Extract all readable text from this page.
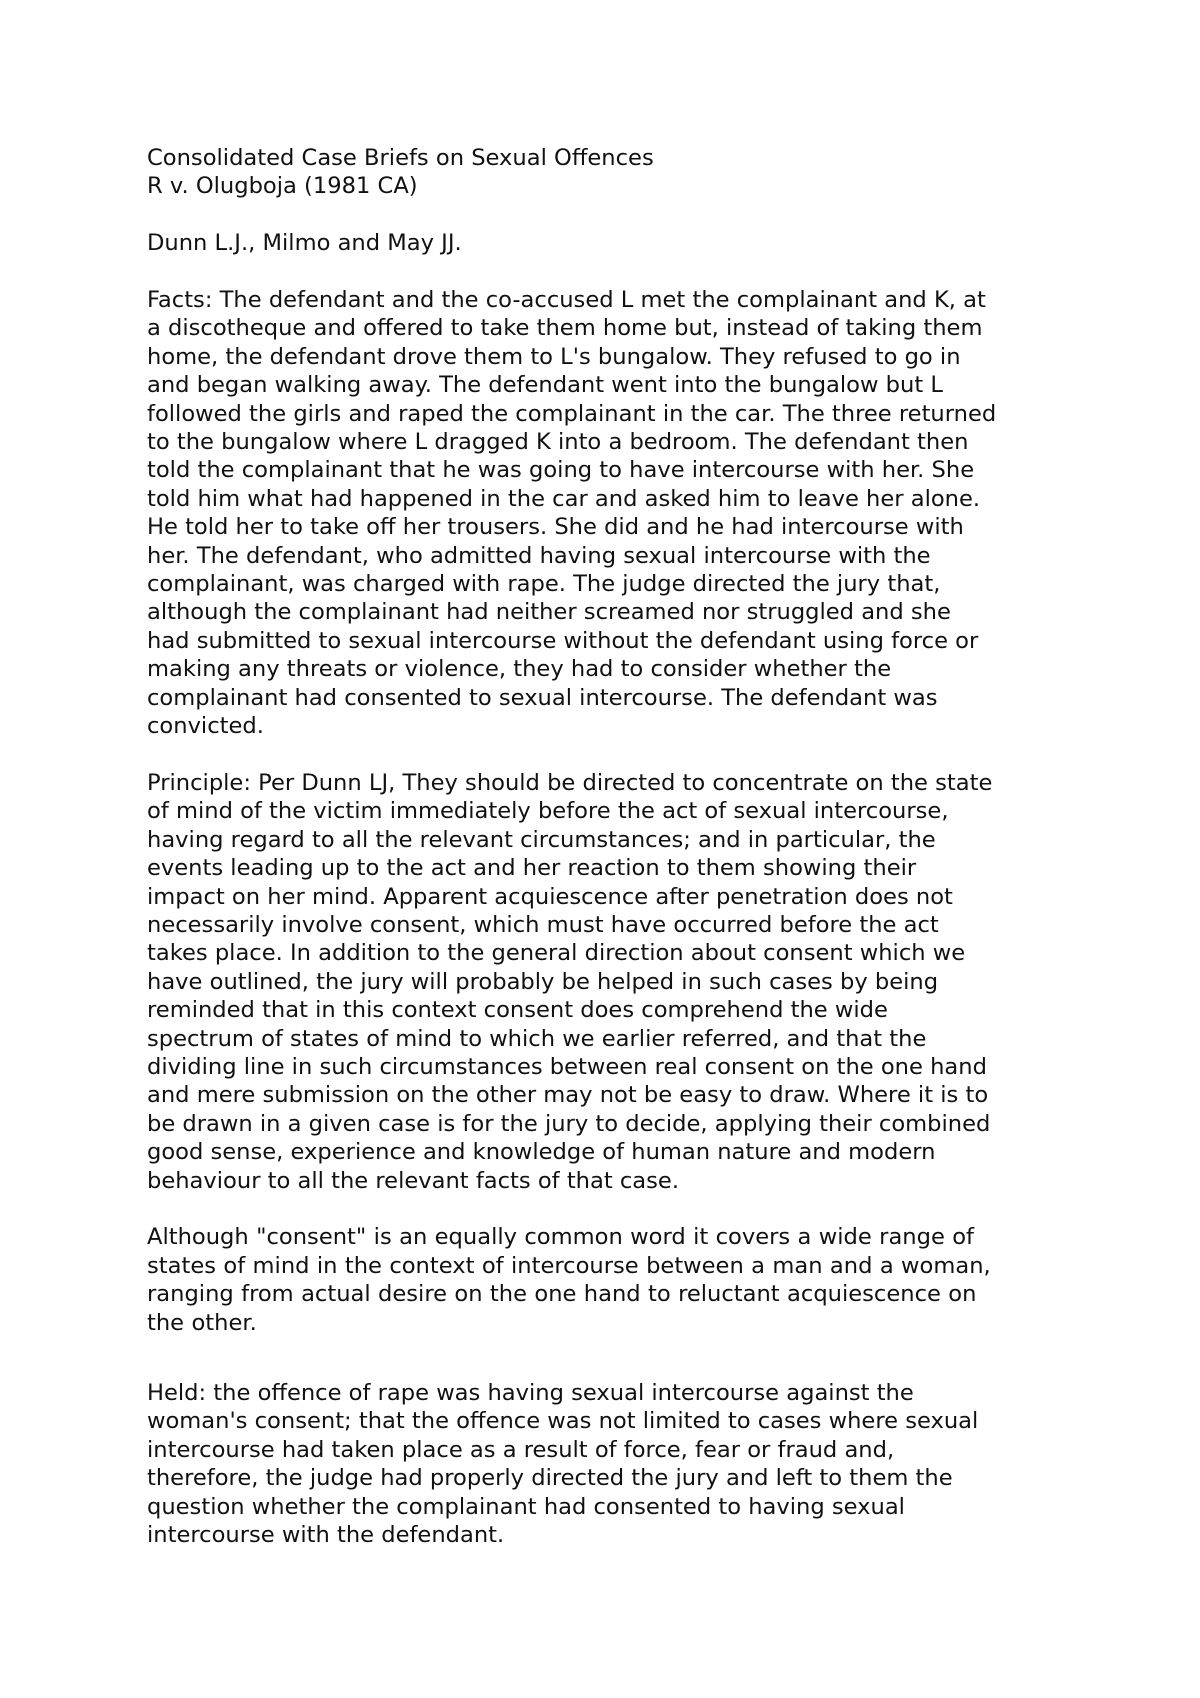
Consolidated Case Briefs on Sexual Offences

R v. Olugboja (1981 CA)

Dunn L.J., Milmo and May JJ.

Facts: The defendant and the co-accused L met the complainant and K, at

a discotheque and offered to take them home but, instead of taking them

home, the defendant drove them to L's bungalow. They refused to go in

and began walking away. The defendant went into the bungalow but L

followed the girls and raped the complainant in the car. The three returned

to the bungalow where L dragged K into a bedroom. The defendant then

told the complainant that he was going to have intercourse with her. She

told him what had happened in the car and asked him to leave her alone.

He told her to take off her trousers. She did and he had intercourse with

her. The defendant, who admitted having sexual intercourse with the

complainant, was charged with rape. The judge directed the jury that,

although the complainant had neither screamed nor struggled and she

had submitted to sexual intercourse without the defendant using force or

making any threats or violence, they had to consider whether the

complainant had consented to sexual intercourse. The defendant was

convicted.

Principle: Per Dunn LJ, They should be directed to concentrate on the state

of mind of the victim immediately before the act of sexual intercourse,

having regard to all the relevant circumstances; and in particular, the

events leading up to the act and her reaction to them showing their

impact on her mind. Apparent acquiescence after penetration does not

necessarily involve consent, which must have occurred before the act

takes place. In addition to the general direction about consent which we

have outlined, the jury will probably be helped in such cases by being

reminded that in this context consent does comprehend the wide

spectrum of states of mind to which we earlier referred, and that the

dividing line in such circumstances between real consent on the one hand

and mere submission on the other may not be easy to draw. Where it is to

be drawn in a given case is for the jury to decide, applying their combined

good sense, experience and knowledge of human nature and modern

behaviour to all the relevant facts of that case.

Although "consent" is an equally common word it covers a wide range of

states of mind in the context of intercourse between a man and a woman,

ranging from actual desire on the one hand to reluctant acquiescence on

the other.

Held: the offence of rape was having sexual intercourse against the

woman's consent; that the offence was not limited to cases where sexual

intercourse had taken place as a result of force, fear or fraud and,

therefore, the judge had properly directed the jury and left to them the

question whether the complainant had consented to having sexual

intercourse with the defendant.
